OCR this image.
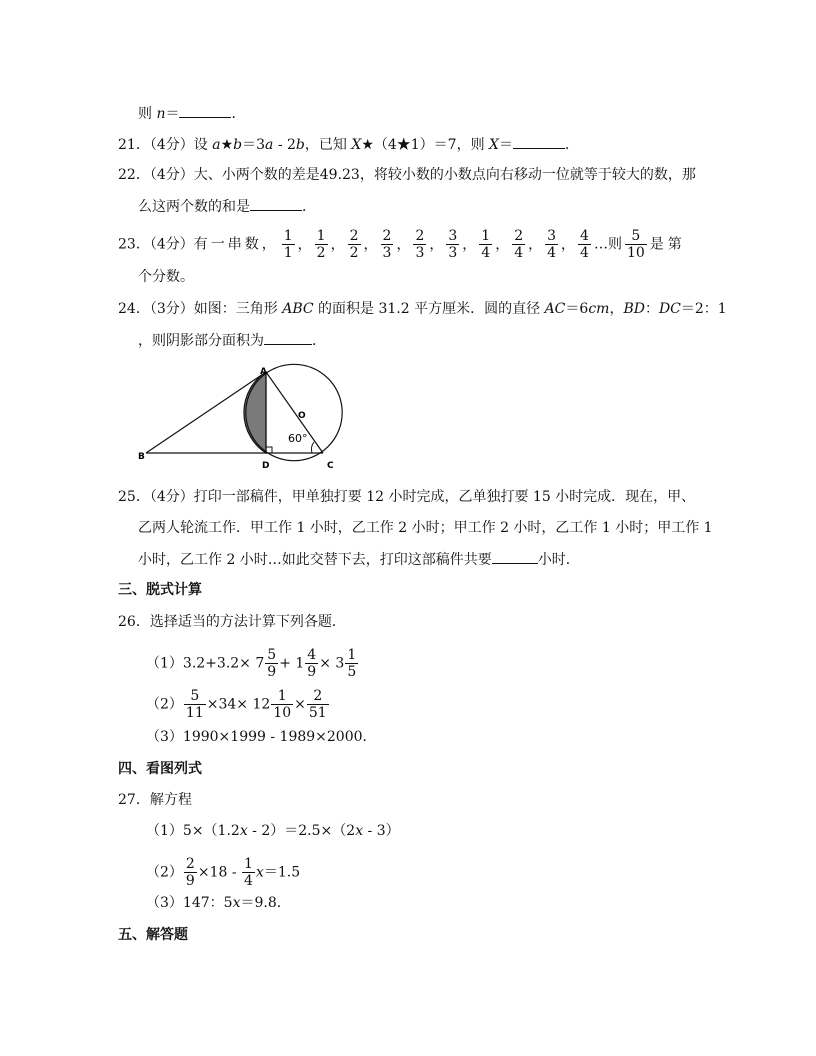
则 n＝	．
21．（4分）设 a★b＝3a - 2b，已知 X★（4★1）＝7，则 X＝	．
22．（4分）大、小两个数的差是49.23，将较小数的小数点向右移动一位就等于较大的数，那
么这两个数的和是	．
23．（4分）有一串数， $\frac{1}{1}$ ， $\frac{1}{2}$ ， $\frac{2}{2}$ ， $\frac{2}{3}$ ， $\frac{2}{3}$ ， $\frac{3}{3}$ ， $\frac{1}{4}$ ， $\frac{2}{4}$ ， $\frac{3}{4}$ ， $\frac{4}{4}$ …则 $\frac{5}{10}$ 是第
个分数。
24．（3分）如图：三角形 ABC 的面积是 31.2 平方厘米．圆的直径 AC＝6cm，BD：DC＝2：1
，则阴影部分面积为	．
A
B
C
D
O
60°
25．（4分）打印一部稿件，甲单独打要 12 小时完成，乙单独打要 15 小时完成．现在，甲、
乙两人轮流工作．甲工作 1 小时，乙工作 2 小时；甲工作 2 小时，乙工作 1 小时；甲工作 1
小时，乙工作 2 小时…如此交替下去，打印这部稿件共要	小时．
三、脱式计算
26．选择适当的方法计算下列各题．
$(1)3.2+3.2\times 7 \frac{5}{9} + 1 \frac{4}{9} \times 3 \frac{1}{5}$
$(2) \frac{5}{11} \times 34\times 12 \frac{1}{10} \times \frac{2}{51}$
（3）1990×1999 - 1989×2000．
四、看图列式
27．解方程
（1）5×（1.2x - 2）＝2.5×（2x - 3）
$(2) \frac{2}{9} \times 18 - \frac{1}{4} x=1.5$
（3）147：5x＝9.8．
五、解答题
